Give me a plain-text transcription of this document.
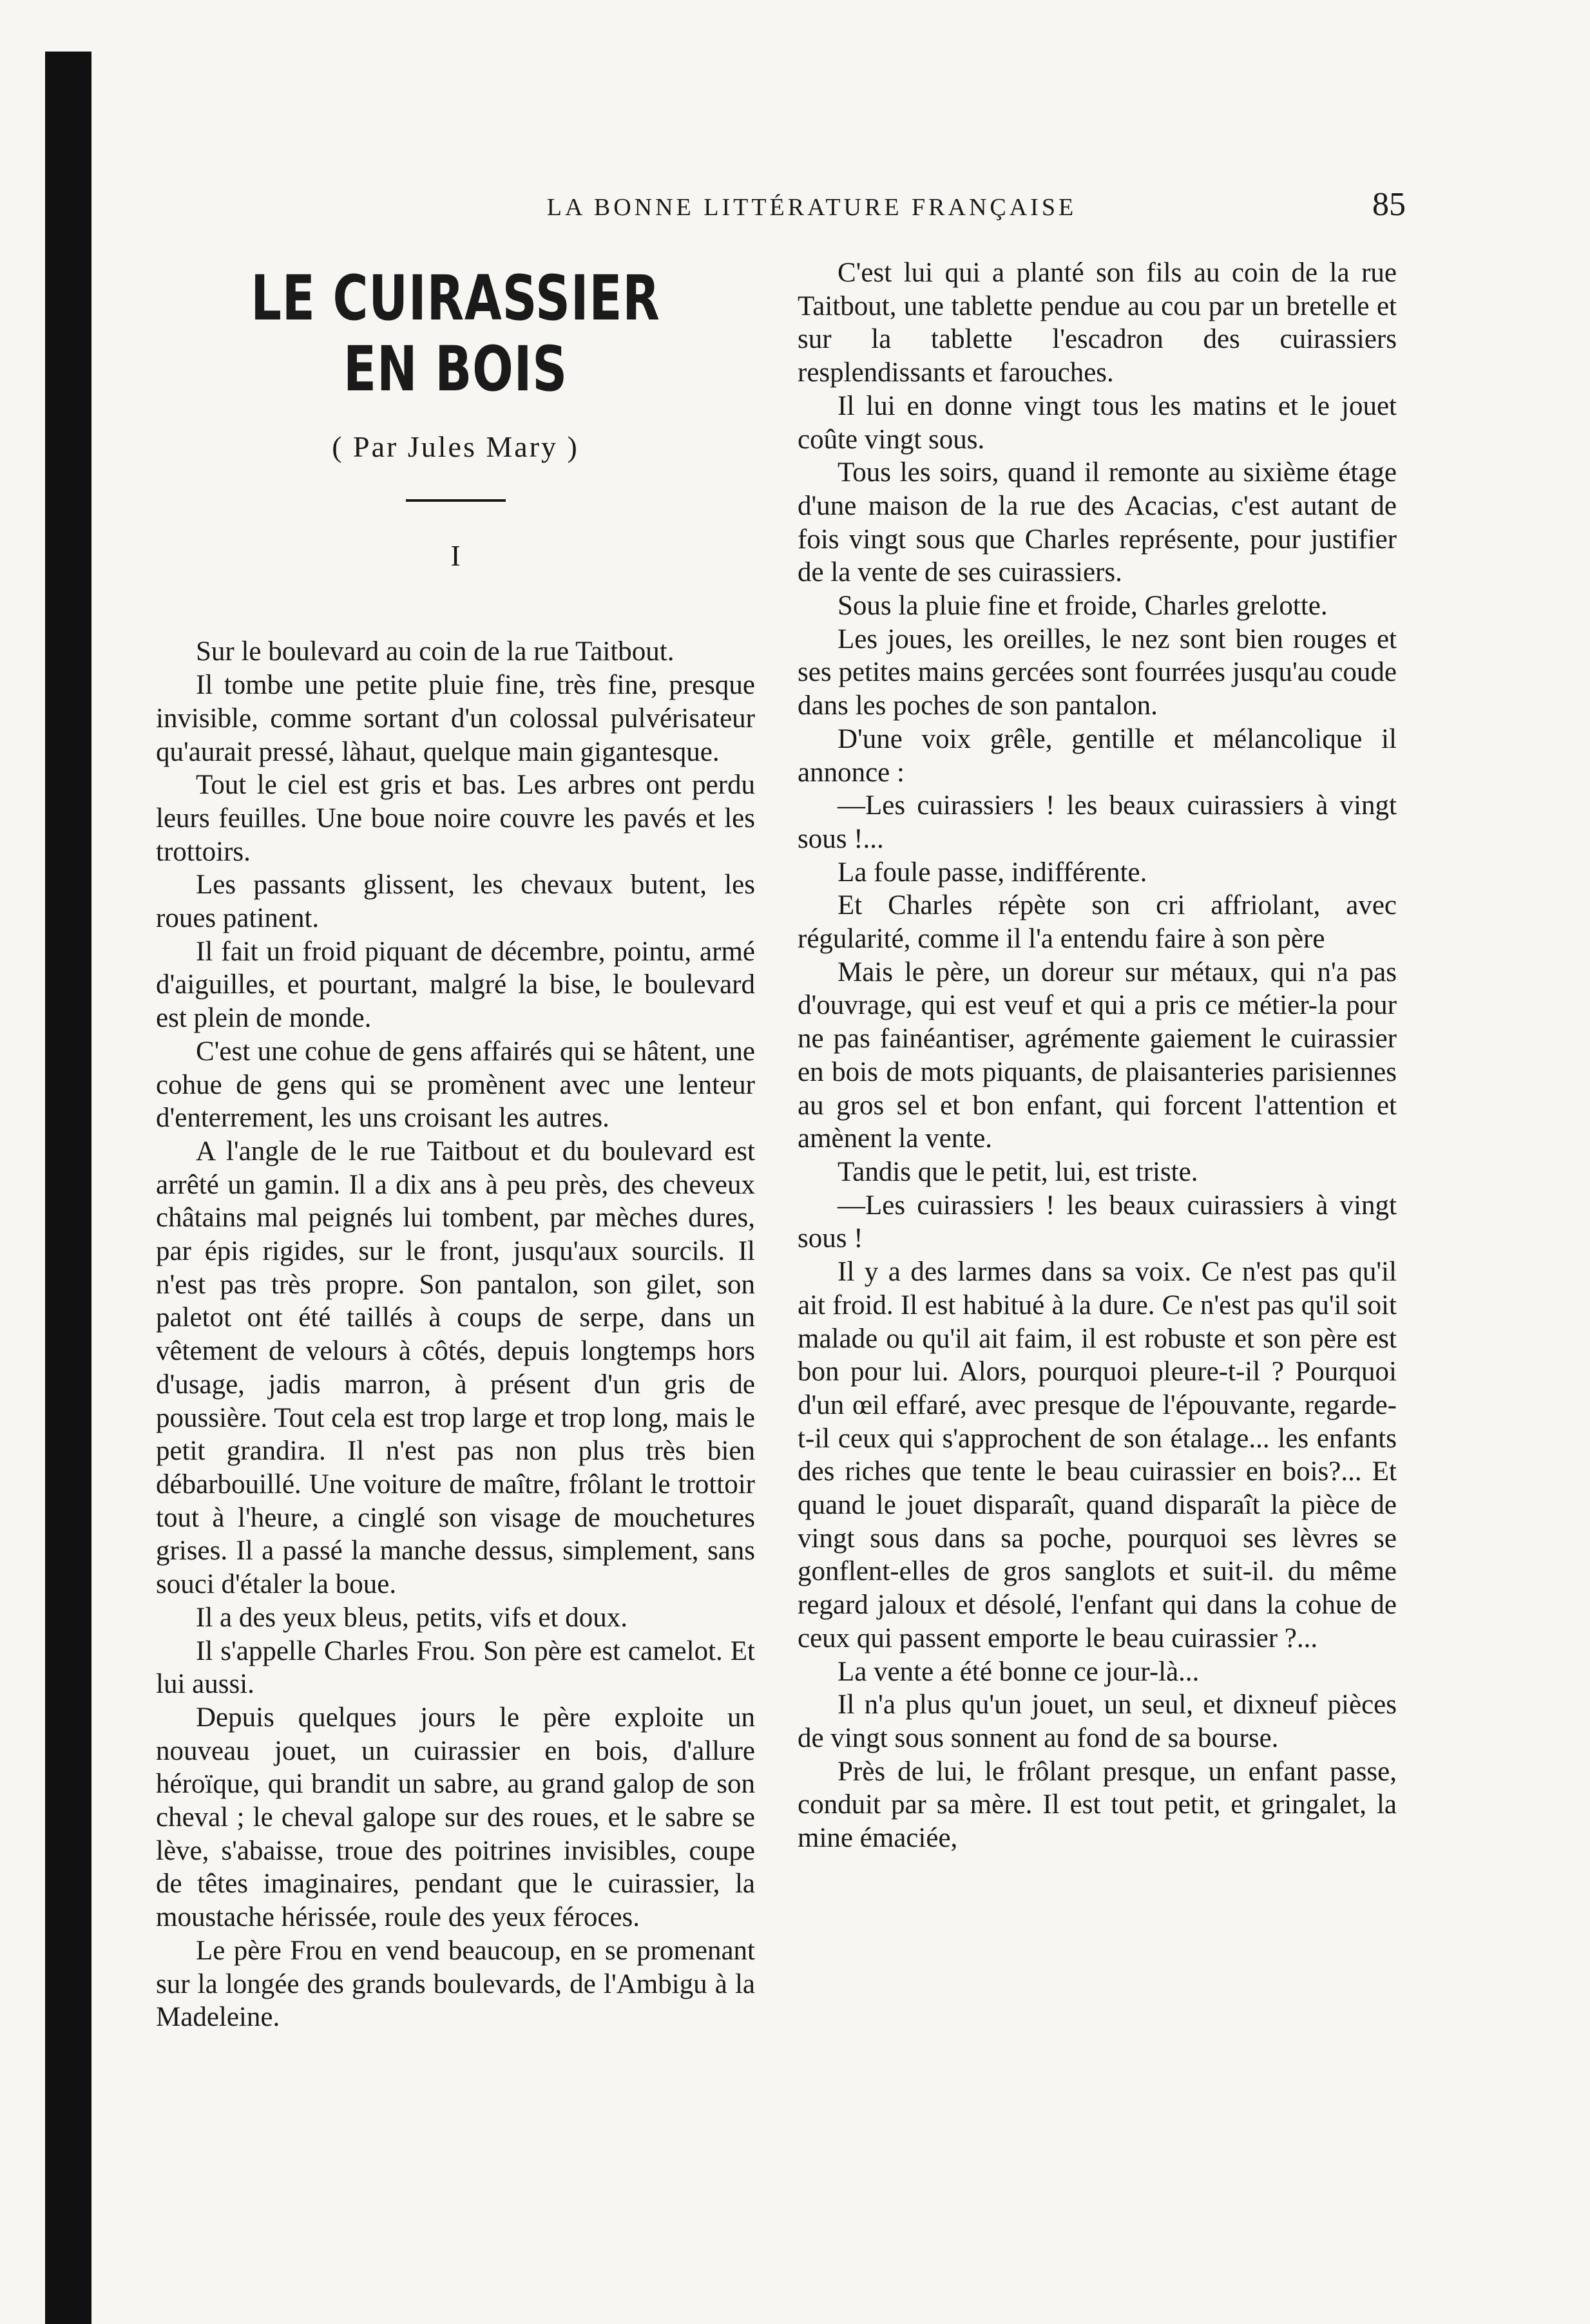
LA BONNE LITTÉRATURE FRANÇAISE	85
LE CUIRASSIER EN BOIS
( Par Jules Mary )
I

Sur le boulevard au coin de la rue Taitbout.

Il tombe une petite pluie fine, très fine, presque invisible, comme sortant d'un colossal pulvérisateur qu'aurait pressé, làhaut, quelque main gigantesque.

Tout le ciel est gris et bas. Les arbres ont perdu leurs feuilles. Une boue noire couvre les pavés et les trottoirs.

Les passants glissent, les chevaux butent, les roues patinent.

Il fait un froid piquant de décembre, pointu, armé d'aiguilles, et pourtant, malgré la bise, le boulevard est plein de monde.

C'est une cohue de gens affairés qui se hâtent, une cohue de gens qui se promènent avec une lenteur d'enterrement, les uns croisant les autres.

A l'angle de le rue Taitbout et du boulevard est arrêté un gamin. Il a dix ans à peu près, des cheveux châtains mal peignés lui tombent, par mèches dures, par épis rigides, sur le front, jusqu'aux sourcils. Il n'est pas très propre. Son pantalon, son gilet, son paletot ont été taillés à coups de serpe, dans un vêtement de velours à côtés, depuis longtemps hors d'usage, jadis marron, à présent d'un gris de poussière. Tout cela est trop large et trop long, mais le petit grandira. Il n'est pas non plus très bien débarbouillé. Une voiture de maître, frôlant le trottoir tout à l'heure, a cinglé son visage de mouchetures grises. Il a passé la manche dessus, simplement, sans souci d'étaler la boue.

Il a des yeux bleus, petits, vifs et doux.

Il s'appelle Charles Frou. Son père est camelot. Et lui aussi.

Depuis quelques jours le père exploite un nouveau jouet, un cuirassier en bois, d'allure héroïque, qui brandit un sabre, au grand galop de son cheval ; le cheval galope sur des roues, et le sabre se lève, s'abaisse, troue des poitrines invisibles, coupe de têtes imaginaires, pendant que le cuirassier, la moustache hérissée, roule des yeux féroces.

Le père Frou en vend beaucoup, en se promenant sur la longée des grands boulevards, de l'Ambigu à la Madeleine.

C'est lui qui a planté son fils au coin de la rue Taitbout, une tablette pendue au cou par un bretelle et sur la tablette l'escadron des cuirassiers resplendissants et farouches.

Il lui en donne vingt tous les matins et le jouet coûte vingt sous.

Tous les soirs, quand il remonte au sixième étage d'une maison de la rue des Acacias, c'est autant de fois vingt sous que Charles représente, pour justifier de la vente de ses cuirassiers.

Sous la pluie fine et froide, Charles grelotte.

Les joues, les oreilles, le nez sont bien rouges et ses petites mains gercées sont fourrées jusqu'au coude dans les poches de son pantalon.

D'une voix grêle, gentille et mélancolique il annonce :

—Les cuirassiers ! les beaux cuirassiers à vingt sous !...

La foule passe, indifférente.

Et Charles répète son cri affriolant, avec régularité, comme il l'a entendu faire à son père

Mais le père, un doreur sur métaux, qui n'a pas d'ouvrage, qui est veuf et qui a pris ce métier-la pour ne pas fainéantiser, agrémente gaiement le cuirassier en bois de mots piquants, de plaisanteries parisiennes au gros sel et bon enfant, qui forcent l'attention et amènent la vente.

Tandis que le petit, lui, est triste.

—Les cuirassiers ! les beaux cuirassiers à vingt sous !

Il y a des larmes dans sa voix. Ce n'est pas qu'il ait froid. Il est habitué à la dure. Ce n'est pas qu'il soit malade ou qu'il ait faim, il est robuste et son père est bon pour lui. Alors, pourquoi pleure-t-il ? Pourquoi d'un œil effaré, avec presque de l'épouvante, regarde-t-il ceux qui s'approchent de son étalage... les enfants des riches que tente le beau cuirassier en bois?... Et quand le jouet disparaît, quand disparaît la pièce de vingt sous dans sa poche, pourquoi ses lèvres se gonflent-elles de gros sanglots et suit-il. du même regard jaloux et désolé, l'enfant qui dans la cohue de ceux qui passent emporte le beau cuirassier ?...

La vente a été bonne ce jour-là...

Il n'a plus qu'un jouet, un seul, et dixneuf pièces de vingt sous sonnent au fond de sa bourse.

Près de lui, le frôlant presque, un enfant passe, conduit par sa mère. Il est tout petit, et gringalet, la mine émaciée,
